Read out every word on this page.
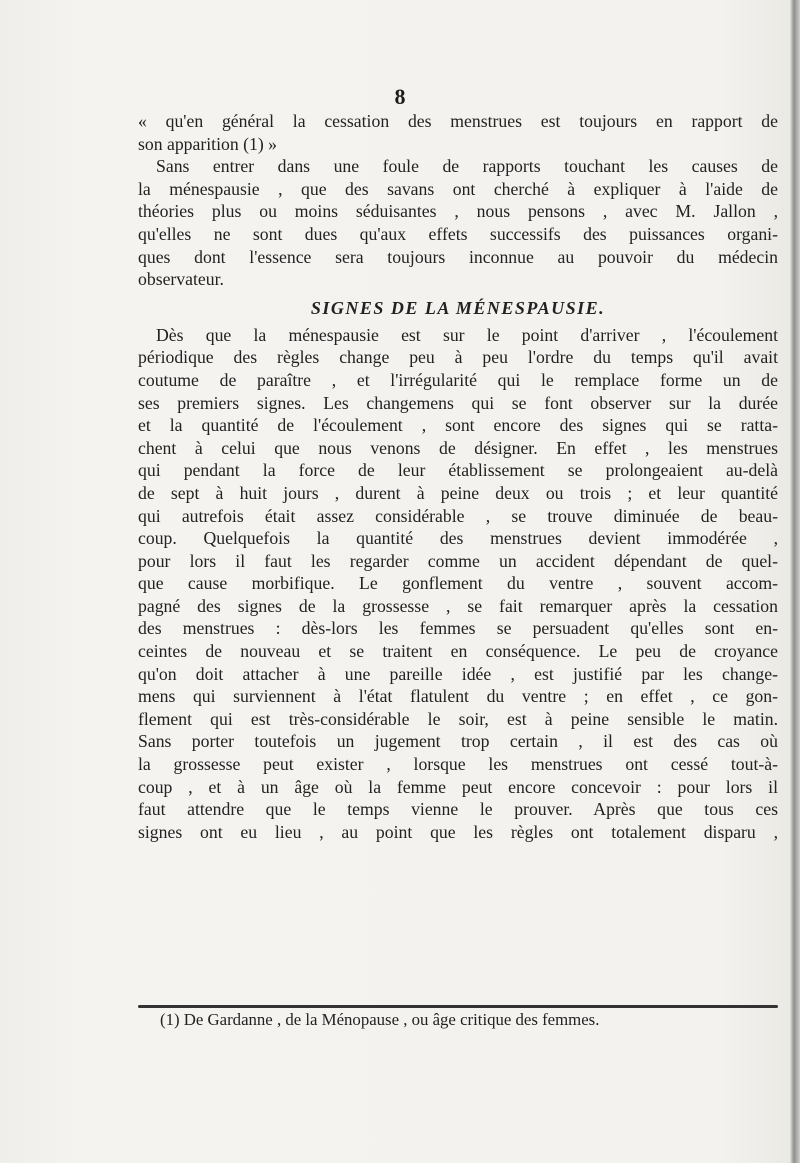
8
« qu'en général la cessation des menstrues est toujours en rapport de
son apparition (1) »
Sans entrer dans une foule de rapports touchant les causes de
la ménespausie , que des savans ont cherché à expliquer à l'aide de
théories plus ou moins séduisantes , nous pensons , avec M. Jallon ,
qu'elles ne sont dues qu'aux effets successifs des puissances organi-
ques dont l'essence sera toujours inconnue au pouvoir du médecin
observateur.
SIGNES DE LA MÉNESPAUSIE.
Dès que la ménespausie est sur le point d'arriver , l'écoulement
périodique des règles change peu à peu l'ordre du temps qu'il avait
coutume de paraître , et l'irrégularité qui le remplace forme un de
ses premiers signes. Les changemens qui se font observer sur la durée
et la quantité de l'écoulement , sont encore des signes qui se ratta-
chent à celui que nous venons de désigner. En effet , les menstrues
qui pendant la force de leur établissement se prolongeaient au-delà
de sept à huit jours , durent à peine deux ou trois ; et leur quantité
qui autrefois était assez considérable , se trouve diminuée de beau-
coup. Quelquefois la quantité des menstrues devient immodérée ,
pour lors il faut les regarder comme un accident dépendant de quel-
que cause morbifique. Le gonflement du ventre , souvent accom-
pagné des signes de la grossesse , se fait remarquer après la cessation
des menstrues : dès-lors les femmes se persuadent qu'elles sont en-
ceintes de nouveau et se traitent en conséquence. Le peu de croyance
qu'on doit attacher à une pareille idée , est justifié par les change-
mens qui surviennent à l'état flatulent du ventre ; en effet , ce gon-
flement qui est très-considérable le soir, est à peine sensible le matin.
Sans porter toutefois un jugement trop certain , il est des cas où
la grossesse peut exister , lorsque les menstrues ont cessé tout-à-
coup , et à un âge où la femme peut encore concevoir : pour lors il
faut attendre que le temps vienne le prouver. Après que tous ces
signes ont eu lieu , au point que les règles ont totalement disparu ,
(1) De Gardanne , de la Ménopause , ou âge critique des femmes.
